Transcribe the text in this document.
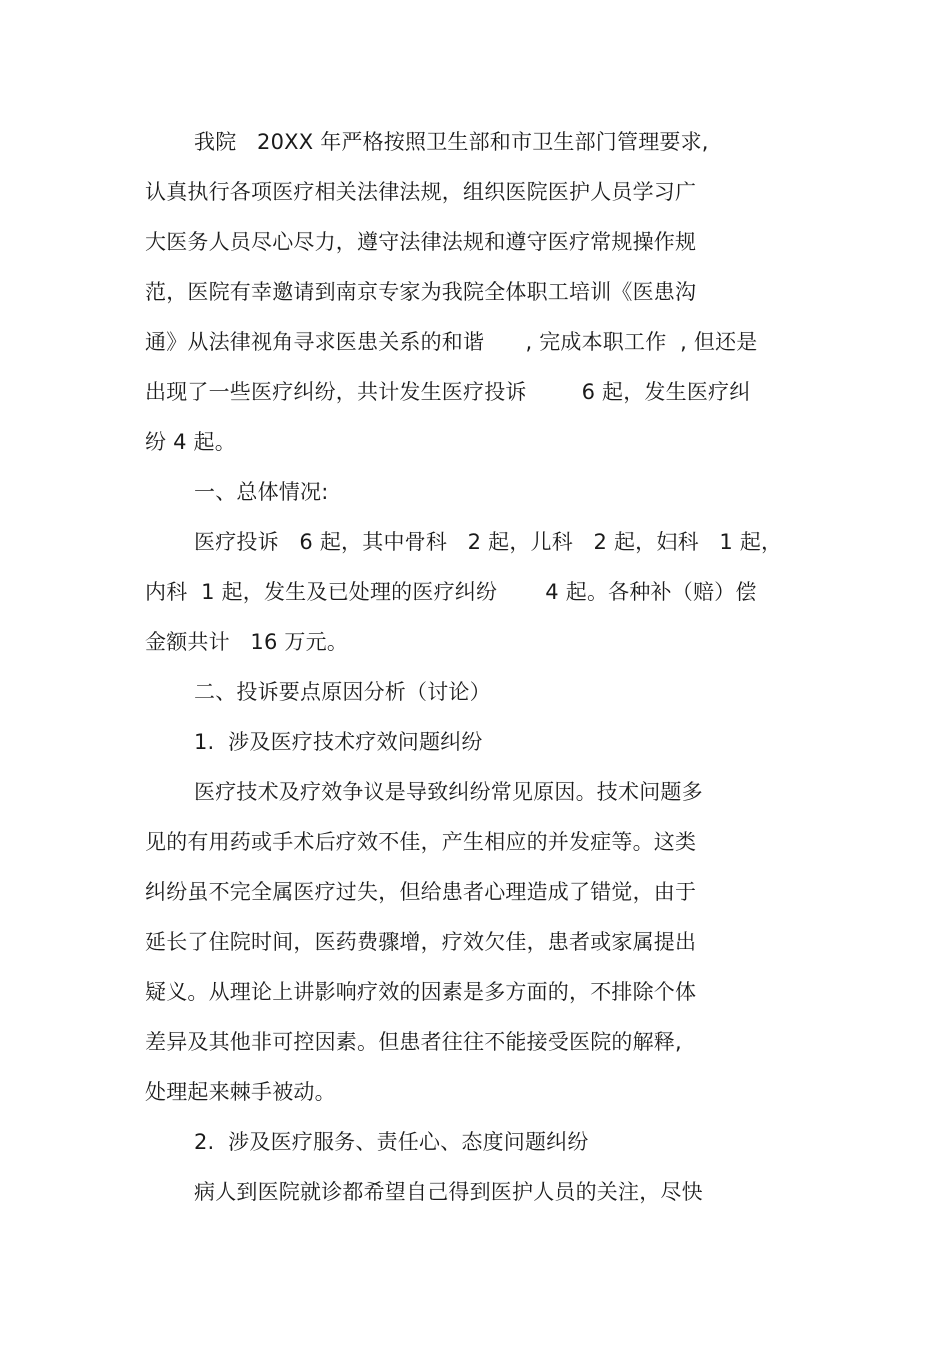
我院   20XX 年严格按照卫生部和市卫生部门管理要求,
认真执行各项医疗相关法律法规，组织医院医护人员学习广
大医务人员尽心尽力，遵守法律法规和遵守医疗常规操作规
范，医院有幸邀请到南京专家为我院全体职工培训《医患沟
通》从法律视角寻求医患关系的和谐      , 完成本职工作  , 但还是
出现了一些医疗纠纷，共计发生医疗投诉        6 起，发生医疗纠
纷 4 起。
一、总体情况:
医疗投诉   6 起，其中骨科   2 起，儿科   2 起，妇科   1 起，
内科  1 起，发生及已处理的医疗纠纷       4 起。各种补（赔）偿
金额共计   16 万元。
二、投诉要点原因分析（讨论）
1.  涉及医疗技术疗效问题纠纷
医疗技术及疗效争议是导致纠纷常见原因。技术问题多
见的有用药或手术后疗效不佳，产生相应的并发症等。这类
纠纷虽不完全属医疗过失，但给患者心理造成了错觉，由于
延长了住院时间，医药费骤增，疗效欠佳，患者或家属提出
疑义。从理论上讲影响疗效的因素是多方面的，不排除个体
差异及其他非可控因素。但患者往往不能接受医院的解释,
处理起来棘手被动。
2.  涉及医疗服务、责任心、态度问题纠纷
病人到医院就诊都希望自己得到医护人员的关注，尽快
